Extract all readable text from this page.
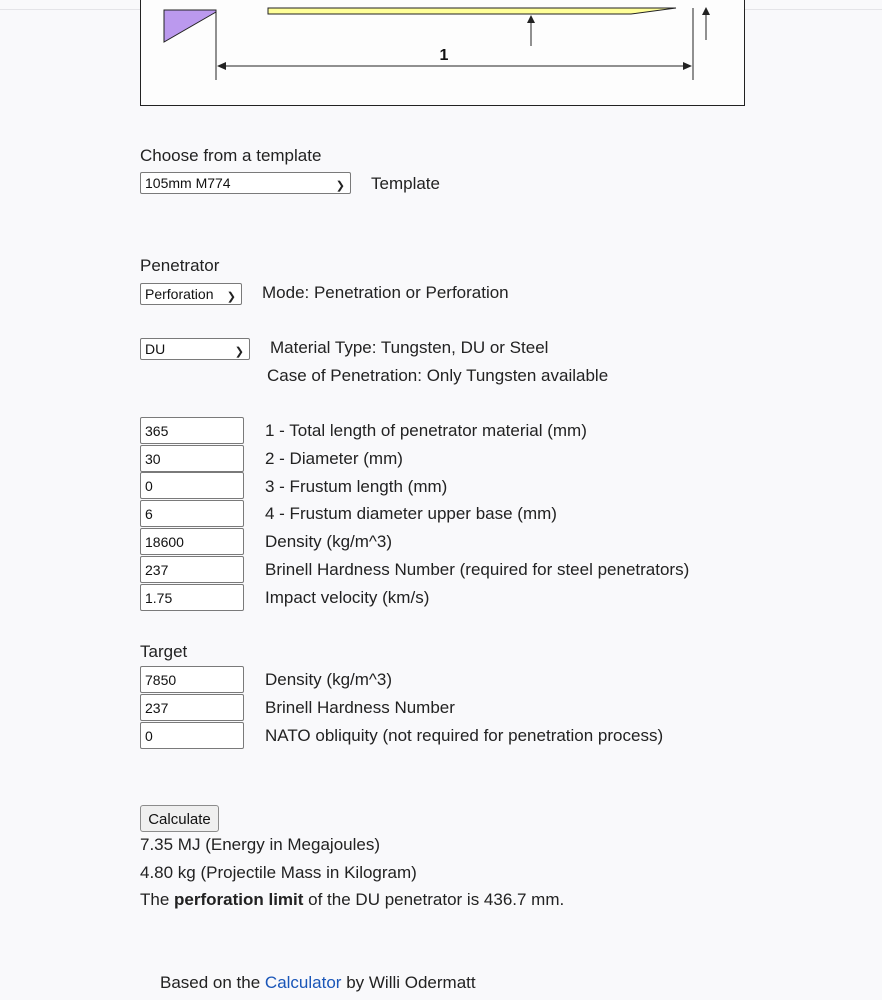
1
Choose from a template
105mm M774	❯ Template
Penetrator
Perforation ❯ Mode: Penetration or Perforation
DU	❯ Material Type: Tungsten, DU or Steel
Case of Penetration: Only Tungsten available
365
1 - Total length of penetrator material (mm)
30
2 - Diameter (mm)
0
3 - Frustum length (mm)
6
4 - Frustum diameter upper base (mm)
18600
Density (kg/m^3)
237
Brinell Hardness Number (required for steel penetrators)
1.75
Impact velocity (km/s)
Target
7850
Density (kg/m^3)
237
Brinell Hardness Number
0
NATO obliquity (not required for penetration process)
Calculate
7.35 MJ (Energy in Megajoules)
4.80 kg (Projectile Mass in Kilogram)
The perforation limit of the DU penetrator is 436.7 mm.
Based on the Calculator by Willi Odermatt
